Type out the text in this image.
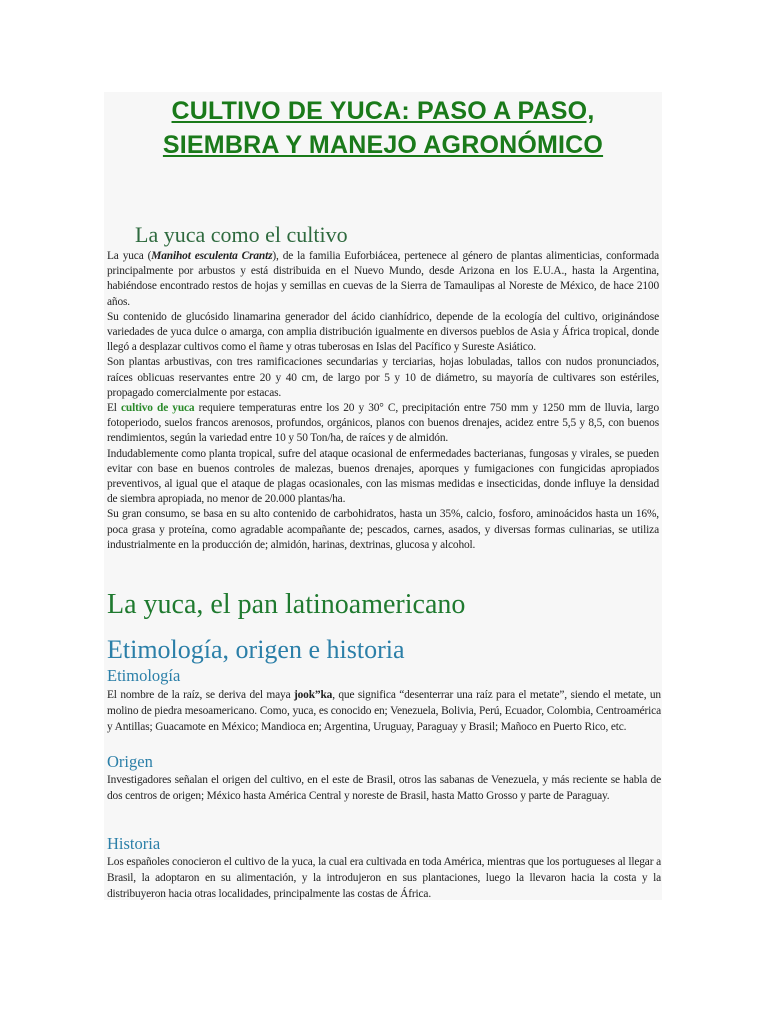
CULTIVO DE YUCA: PASO A PASO,
SIEMBRA Y MANEJO AGRONÓMICO
La yuca como el cultivo

La yuca (Manihot esculenta Crantz), de la familia Euforbiácea, pertenece al género de plantas alimenticias, conformada principalmente por arbustos y está distribuida en el Nuevo Mundo, desde Arizona en los E.U.A., hasta la Argentina, habiéndose encontrado restos de hojas y semillas en cuevas de la Sierra de Tamaulipas al Noreste de México, de hace 2100 años.

Su contenido de glucósido linamarina generador del ácido cianhídrico, depende de la ecología del cultivo, originándose variedades de yuca dulce o amarga, con amplia distribución igualmente en diversos pueblos de Asia y África tropical, donde llegó a desplazar cultivos como el ñame y otras tuberosas en Islas del Pacífico y Sureste Asiático.

Son plantas arbustivas, con tres ramificaciones secundarias y terciarias, hojas lobuladas, tallos con nudos pronunciados, raíces oblicuas reservantes entre 20 y 40 cm, de largo por 5 y 10 de diámetro, su mayoría de cultivares son estériles, propagado comercialmente por estacas.

El cultivo de yuca requiere temperaturas entre los 20 y 30° C, precipitación entre 750 mm y 1250 mm de lluvia, largo fotoperiodo, suelos francos arenosos, profundos, orgánicos, planos con buenos drenajes, acidez entre 5,5 y 8,5, con buenos rendimientos, según la variedad entre 10 y 50 Ton/ha, de raíces y de almidón.

Indudablemente como planta tropical, sufre del ataque ocasional de enfermedades bacterianas, fungosas y virales, se pueden evitar con base en buenos controles de malezas, buenos drenajes, aporques y fumigaciones con fungicidas apropiados preventivos, al igual que el ataque de plagas ocasionales, con las mismas medidas e insecticidas, donde influye la densidad de siembra apropiada, no menor de 20.000 plantas/ha.

Su gran consumo, se basa en su alto contenido de carbohidratos, hasta un 35%, calcio, fosforo, aminoácidos hasta un 16%, poca grasa y proteína, como agradable acompañante de; pescados, carnes, asados, y diversas formas culinarias, se utiliza industrialmente en la producción de; almidón, harinas, dextrinas, glucosa y alcohol.

La yuca, el pan latinoamericano
Etimología, origen e historia
Etimología

El nombre de la raíz, se deriva del maya jook”ka, que significa “desenterrar una raíz para el metate”, siendo el metate, un molino de piedra mesoamericano. Como, yuca, es conocido en; Venezuela, Bolivia, Perú, Ecuador, Colombia, Centroamérica y Antillas; Guacamote en México; Mandioca en; Argentina, Uruguay, Paraguay y Brasil; Mañoco en Puerto Rico, etc.

Origen

Investigadores señalan el origen del cultivo, en el este de Brasil, otros las sabanas de Venezuela, y más reciente se habla de dos centros de origen; México hasta América Central y noreste de Brasil, hasta Matto Grosso y parte de Paraguay.

Historia

Los españoles conocieron el cultivo de la yuca, la cual era cultivada en toda América, mientras que los portugueses al llegar a Brasil, la adoptaron en su alimentación, y la introdujeron en sus plantaciones, luego la llevaron hacia la costa y la distribuyeron hacia otras localidades, principalmente las costas de África.
